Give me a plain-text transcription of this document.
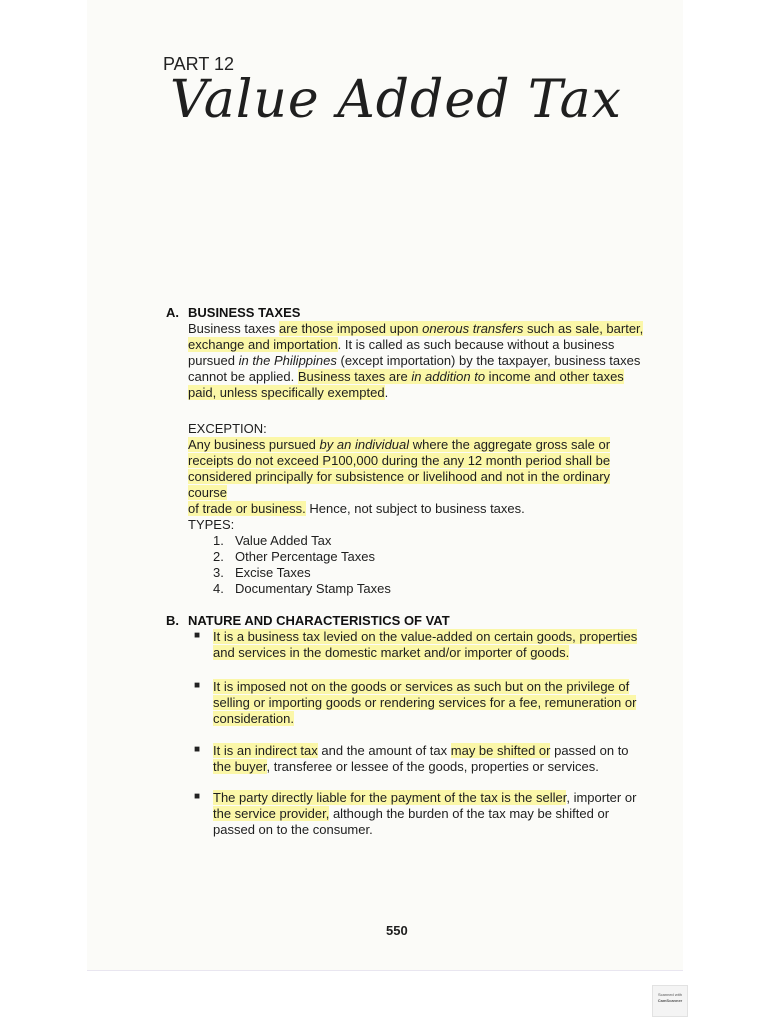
PART 12
Value Added Tax
A. BUSINESS TAXES
Business taxes are those imposed upon onerous transfers such as sale, barter,
exchange and importation. It is called as such because without a business
pursued in the Philippines (except importation) by the taxpayer, business taxes
cannot be applied. Business taxes are in addition to income and other taxes
paid, unless specifically exempted.
EXCEPTION:
Any business pursued by an individual where the aggregate gross sale or
receipts do not exceed P100,000 during the any 12 month period shall be
considered principally for subsistence or livelihood and not in the ordinary course
of trade or business. Hence, not subject to business taxes.
TYPES:
1. Value Added Tax
2. Other Percentage Taxes
3. Excise Taxes
4. Documentary Stamp Taxes
B. NATURE AND CHARACTERISTICS OF VAT
■ It is a business tax levied on the value-added on certain goods, properties
and services in the domestic market and/or importer of goods.
■ It is imposed not on the goods or services as such but on the privilege of
selling or importing goods or rendering services for a fee, remuneration or
consideration.
■ It is an indirect tax and the amount of tax may be shifted or passed on to
the buyer, transferee or lessee of the goods, properties or services.
■ The party directly liable for the payment of the tax is the seller, importer or
the service provider, although the burden of the tax may be shifted or
passed on to the consumer.
550
Scanned with
CamScanner
